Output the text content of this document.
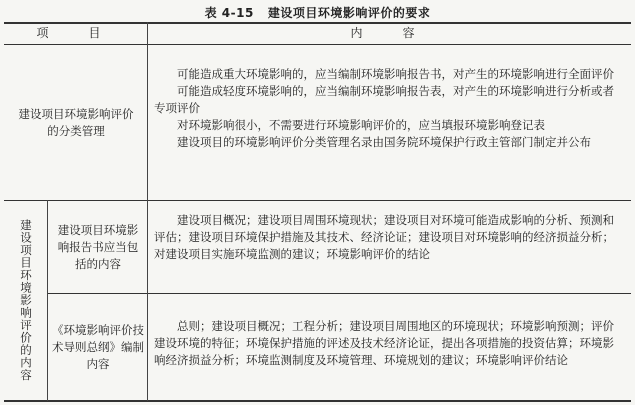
表 4-15 建设项目环境影响评价的要求
项　目	内　容
建设项目环境影响评价的分类管理

可能造成重大环境影响的，应当编制环境影响报告书，对产生的环境影响进行全面评价

可能造成轻度环境影响的，应当编制环境影响报告表，对产生的环境影响进行分析或者专项评价

对环境影响很小，不需要进行环境影响评价的，应当填报环境影响登记表

建设项目的环境影响评价分类管理名录由国务院环境保护行政主管部门制定并公布

建设项目环境影响评价的内容 建设项目环境影响报告书应当包括的内容

建设项目概况；建设项目周围环境现状；建设项目对环境可能造成影响的分析、预测和评估；建设项目环境保护措施及其技术、经济论证；建设项目对环境影响的经济损益分析；对建设项目实施环境监测的建议；环境影响评价的结论

《环境影响评价技术导则总纲》编制内容

总则；建设项目概况；工程分析；建设项目周围地区的环境现状；环境影响预测；评价建设环境的特征；环境保护措施的评述及技术经济论证，提出各项措施的投资估算；环境影响经济损益分析；环境监测制度及环境管理、环境规划的建议；环境影响评价结论
